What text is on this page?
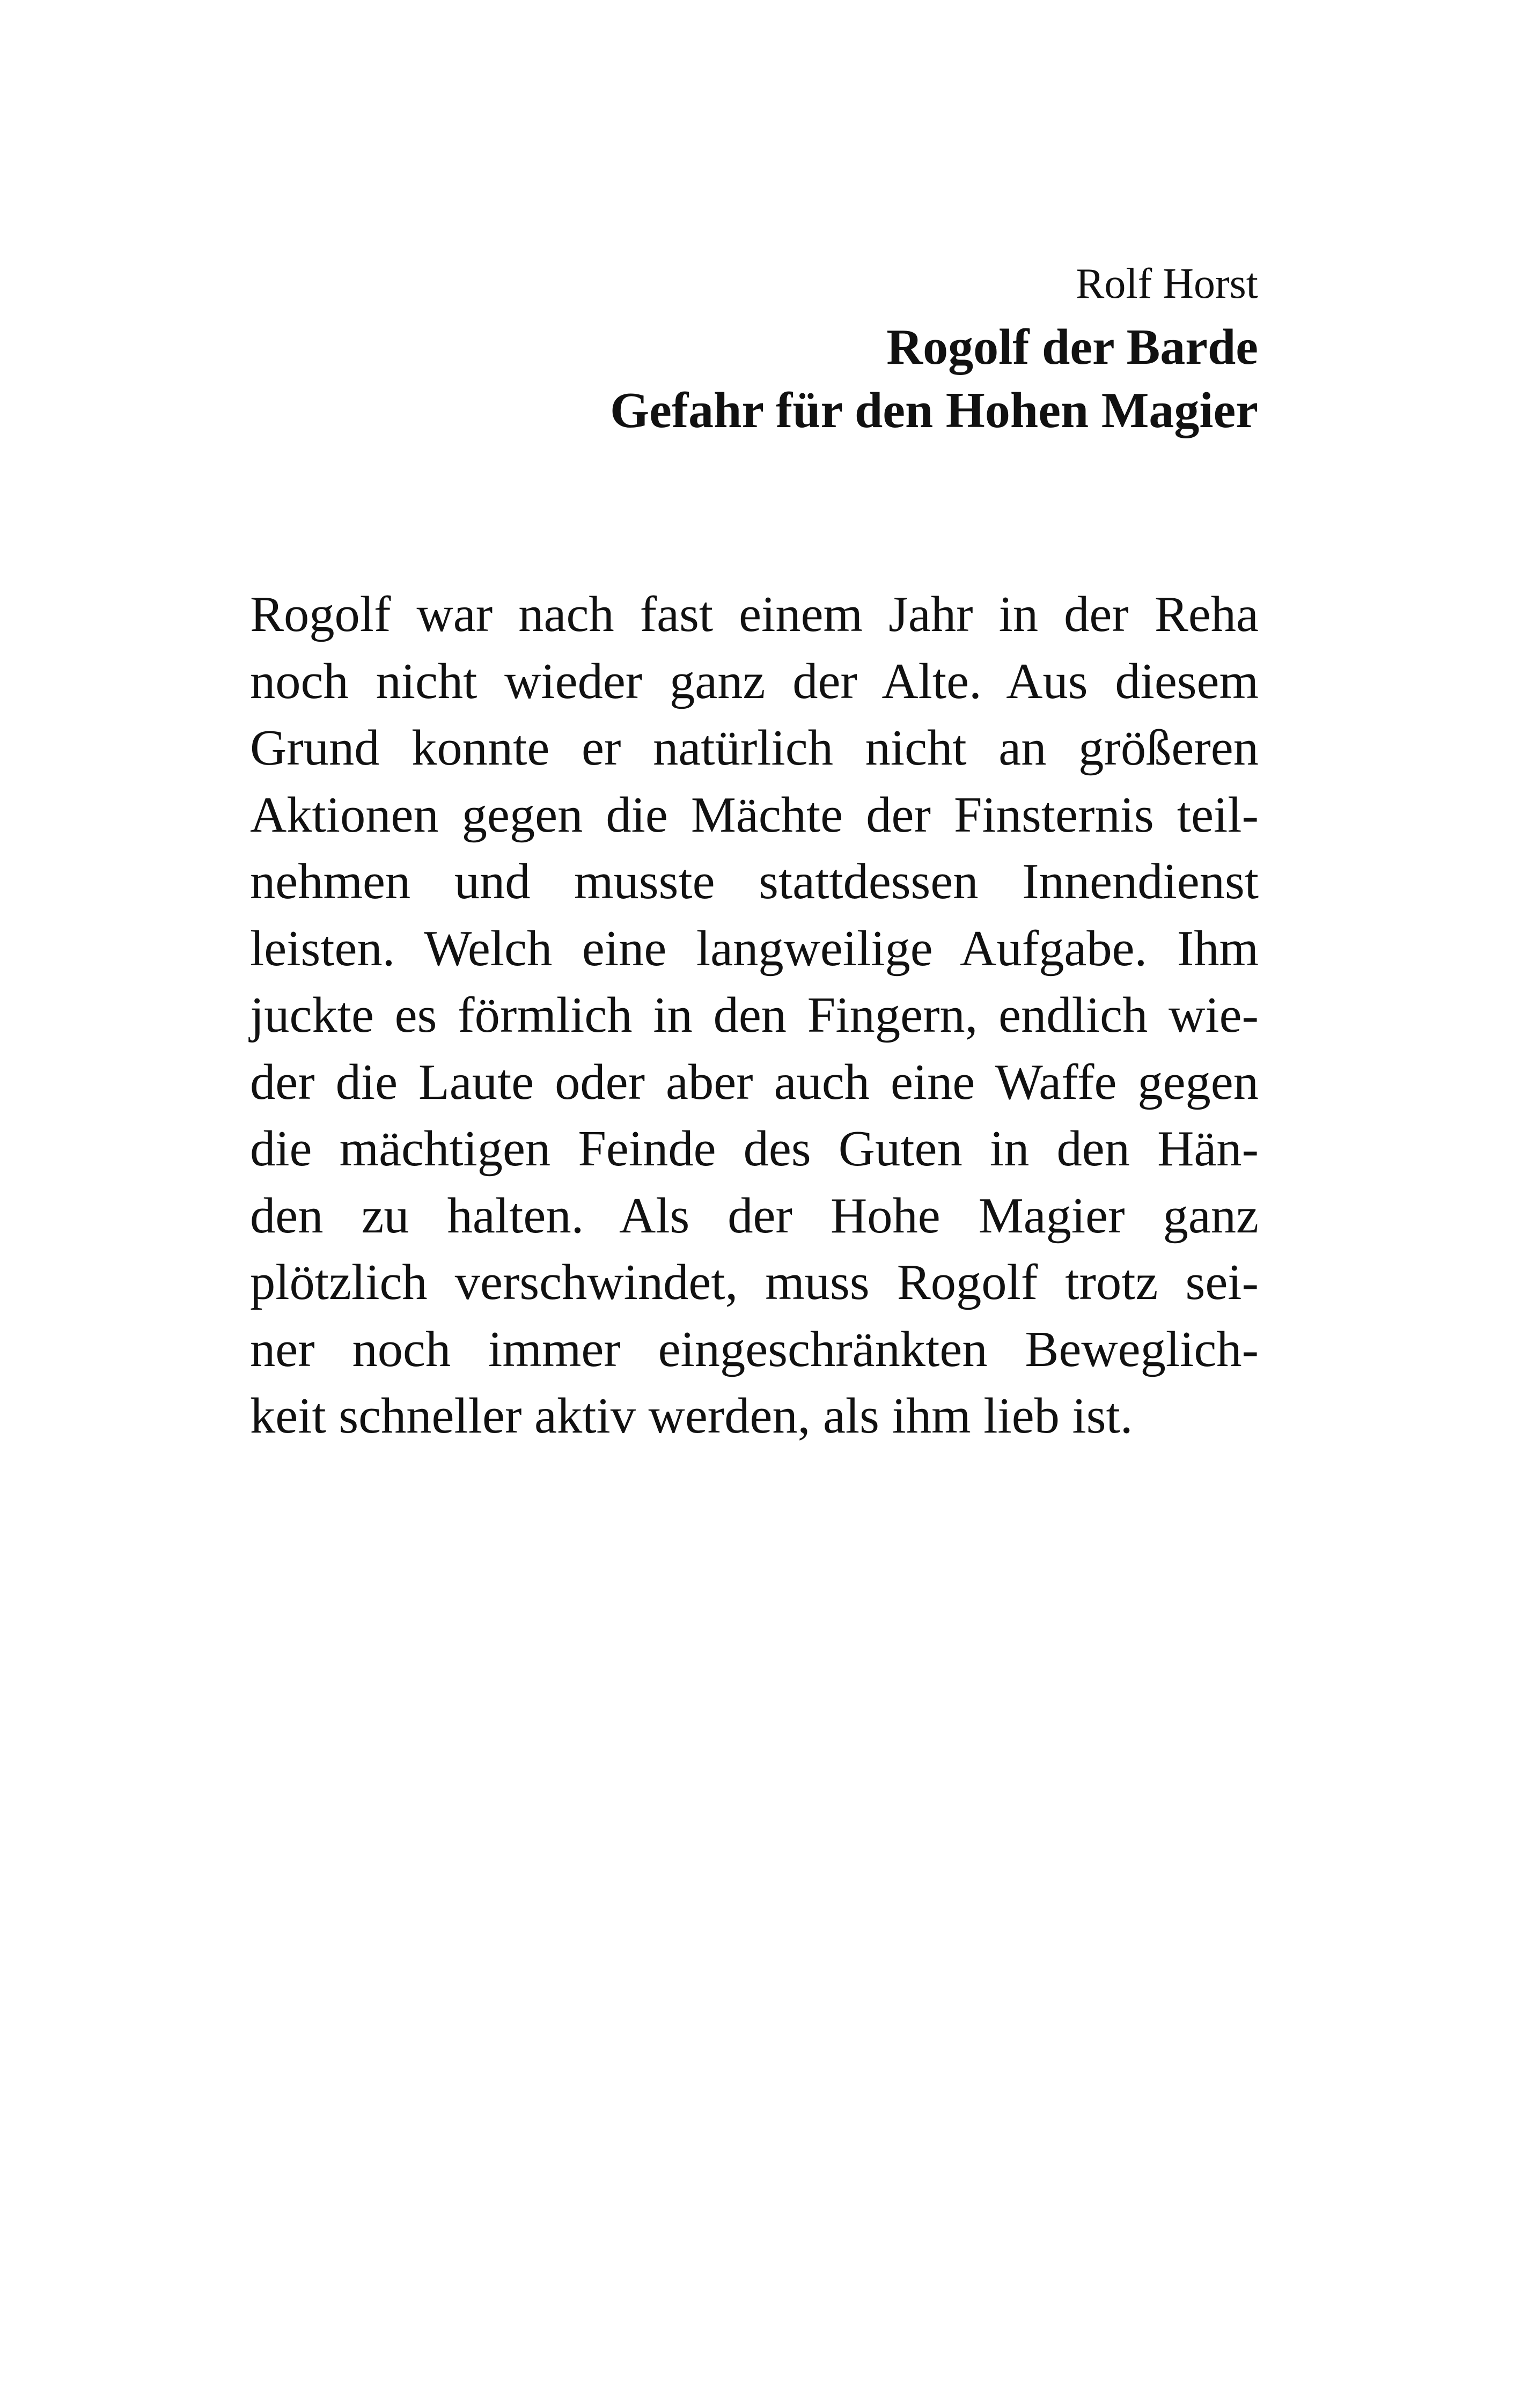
Rolf Horst

Rogolf der Barde

Gefahr für den Hohen Magier

Rogolf war nach fast einem Jahr in der Reha
noch nicht wieder ganz der Alte. Aus diesem
Grund konnte er natürlich nicht an größeren
Aktionen gegen die Mächte der Finsternis teil-
nehmen und musste stattdessen Innendienst
leisten. Welch eine langweilige Aufgabe. Ihm
juckte es förmlich in den Fingern, endlich wie-
der die Laute oder aber auch eine Waffe gegen
die mächtigen Feinde des Guten in den Hän-
den zu halten. Als der Hohe Magier ganz
plötzlich verschwindet, muss Rogolf trotz sei-
ner noch immer eingeschränkten Beweglich-
keit schneller aktiv werden, als ihm lieb ist.
